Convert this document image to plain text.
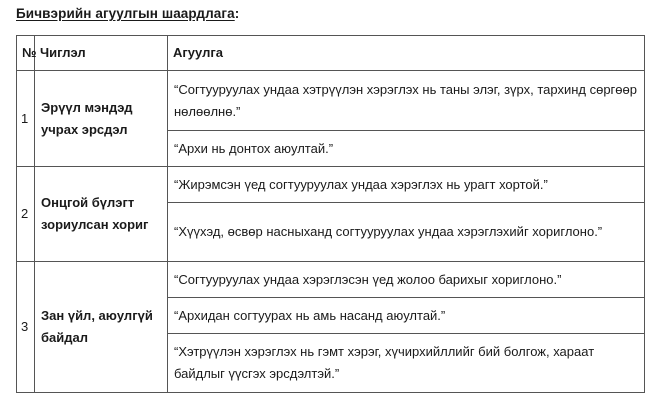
Бичвэрийн агуулгын шаардлага:
№	Чиглэл	Агуулга
1	Эрүүл мэндэд учрах эрсдэл	“Согтууруулах ундаа хэтрүүлэн хэрэглэх нь таны элэг, зүрх, тархинд сөргөөр нөлөөлнө.”
		“Архи нь донтох аюултай.”
2	Онцгой бүлэгт зориулсан хориг	“Жирэмсэн үед согтууруулах ундаа хэрэглэх нь урагт хортой.”
		“Хүүхэд, өсвөр насныханд согтууруулах ундаа хэрэглэхийг хориглоно.”
3	Зан үйл, аюулгүй байдал	“Согтууруулах ундаа хэрэглэсэн үед жолоо барихыг хориглоно.”
		“Архидан согтуурах нь амь насанд аюултай.”
		“Хэтрүүлэн хэрэглэх нь гэмт хэрэг, хүчирхийллийг бий болгож, хараат байдлыг үүсгэх эрсдэлтэй.”
